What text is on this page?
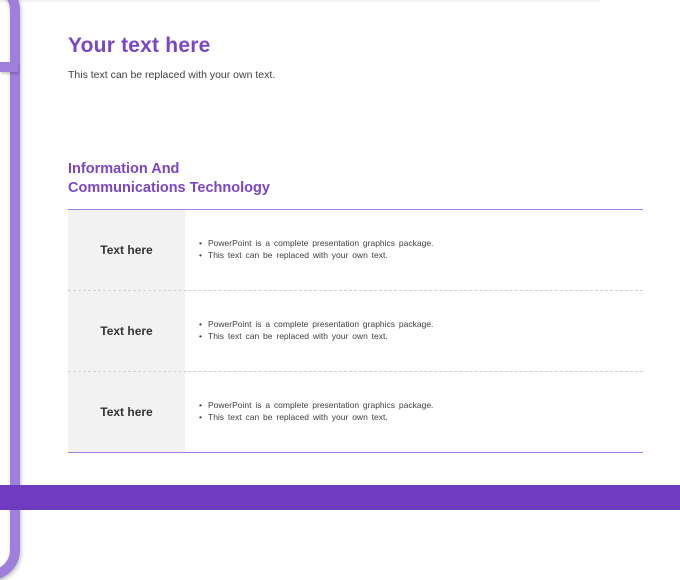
Your text here

This text can be replaced with your own text.

Information And
Communications Technology
Text here	• PowerPoint is a complete presentation graphics package.
• This text can be replaced with your own text.
Text here	• PowerPoint is a complete presentation graphics package.
• This text can be replaced with your own text.
Text here	• PowerPoint is a complete presentation graphics package.
• This text can be replaced with your own text.
